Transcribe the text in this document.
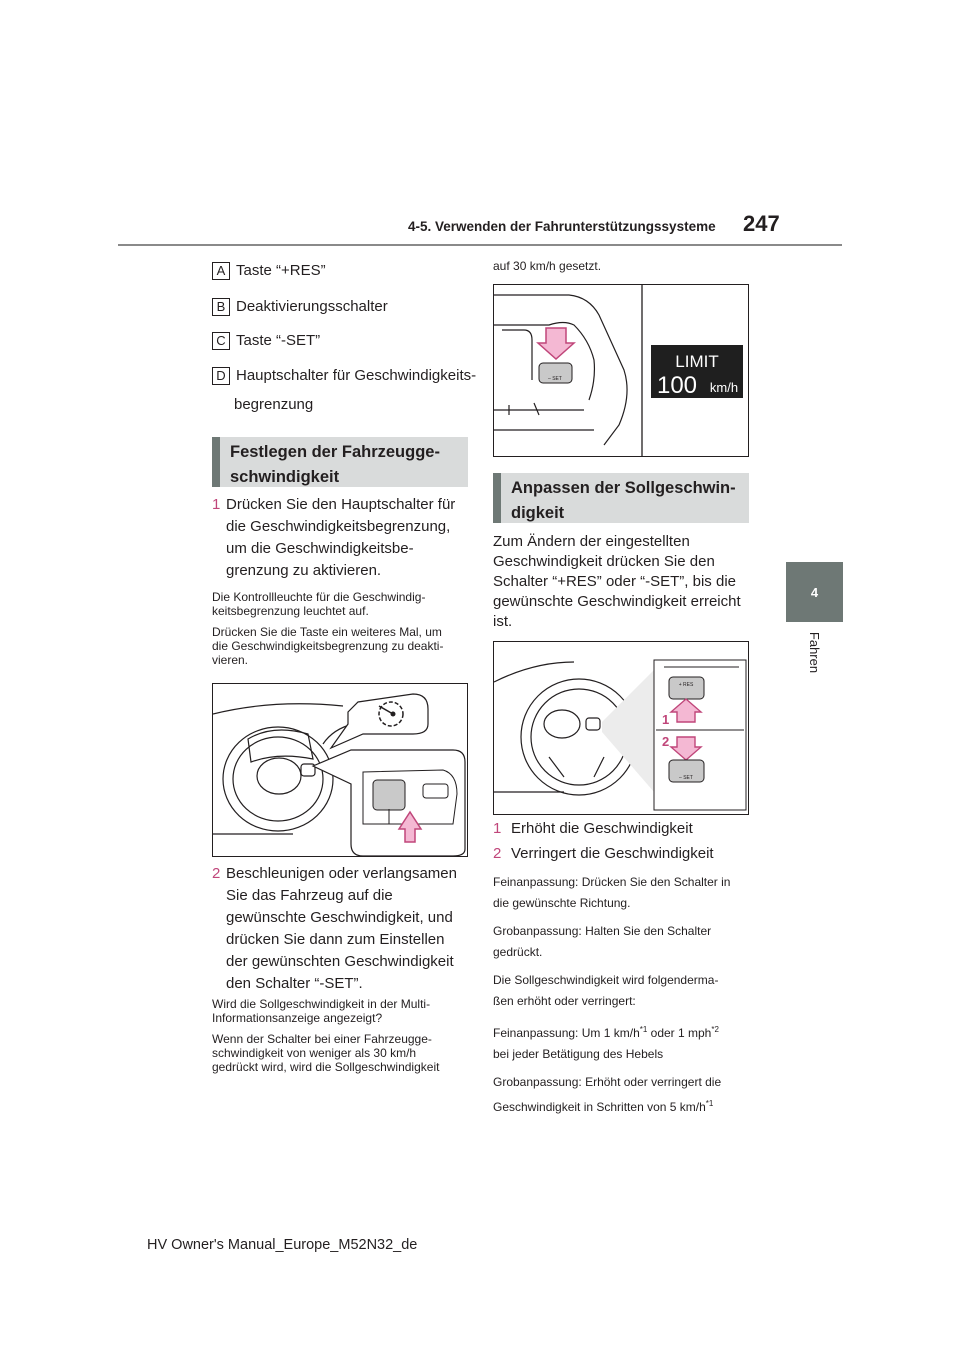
4-5. Verwenden der Fahrunterstützungssysteme 247
4
Fahren
A Taste “+RES”
B Deaktivierungsschalter
C Taste “-SET”
D Hauptschalter für Geschwindigkeits-
begrenzung
Festlegen der Fahrzeugge-
schwindigkeit
1 Drücken Sie den Hauptschalter für
die Geschwindigkeitsbegrenzung,
um die Geschwindigkeitsbe-
grenzung zu aktivieren.
Die Kontrollleuchte für die Geschwindig-
keitsbegrenzung leuchtet auf.
Drücken Sie die Taste ein weiteres Mal, um
die Geschwindigkeitsbegrenzung zu deakti-
vieren.
2 Beschleunigen oder verlangsamen
Sie das Fahrzeug auf die
gewünschte Geschwindigkeit, und
drücken Sie dann zum Einstellen
der gewünschten Geschwindigkeit
den Schalter “-SET”.
Wird die Sollgeschwindigkeit in der Multi-
Informationsanzeige angezeigt?
Wenn der Schalter bei einer Fahrzeugge-
schwindigkeit von weniger als 30 km/h
gedrückt wird, wird die Sollgeschwindigkeit
auf 30 km/h gesetzt.
– SET
LIMIT
100 km/h
Anpassen der Sollgeschwin-
digkeit
Zum Ändern der eingestellten
Geschwindigkeit drücken Sie den
Schalter “+RES” oder “-SET”, bis die
gewünschte Geschwindigkeit erreicht
ist.
+ RES
– SET
1
2
1 Erhöht die Geschwindigkeit
2 Verringert die Geschwindigkeit
Feinanpassung: Drücken Sie den Schalter in
die gewünschte Richtung.
Grobanpassung: Halten Sie den Schalter
gedrückt.
Die Sollgeschwindigkeit wird folgenderma-
ßen erhöht oder verringert:
Feinanpassung: Um 1 $km/h^{*1}$ oder 1 mph$^{*2}$
bei jeder Betätigung des Hebels
Grobanpassung: Erhöht oder verringert die
Geschwindigkeit in Schritten von 5 $km/h^{*1}$
HV Owner's Manual_Europe_M52N32_de
